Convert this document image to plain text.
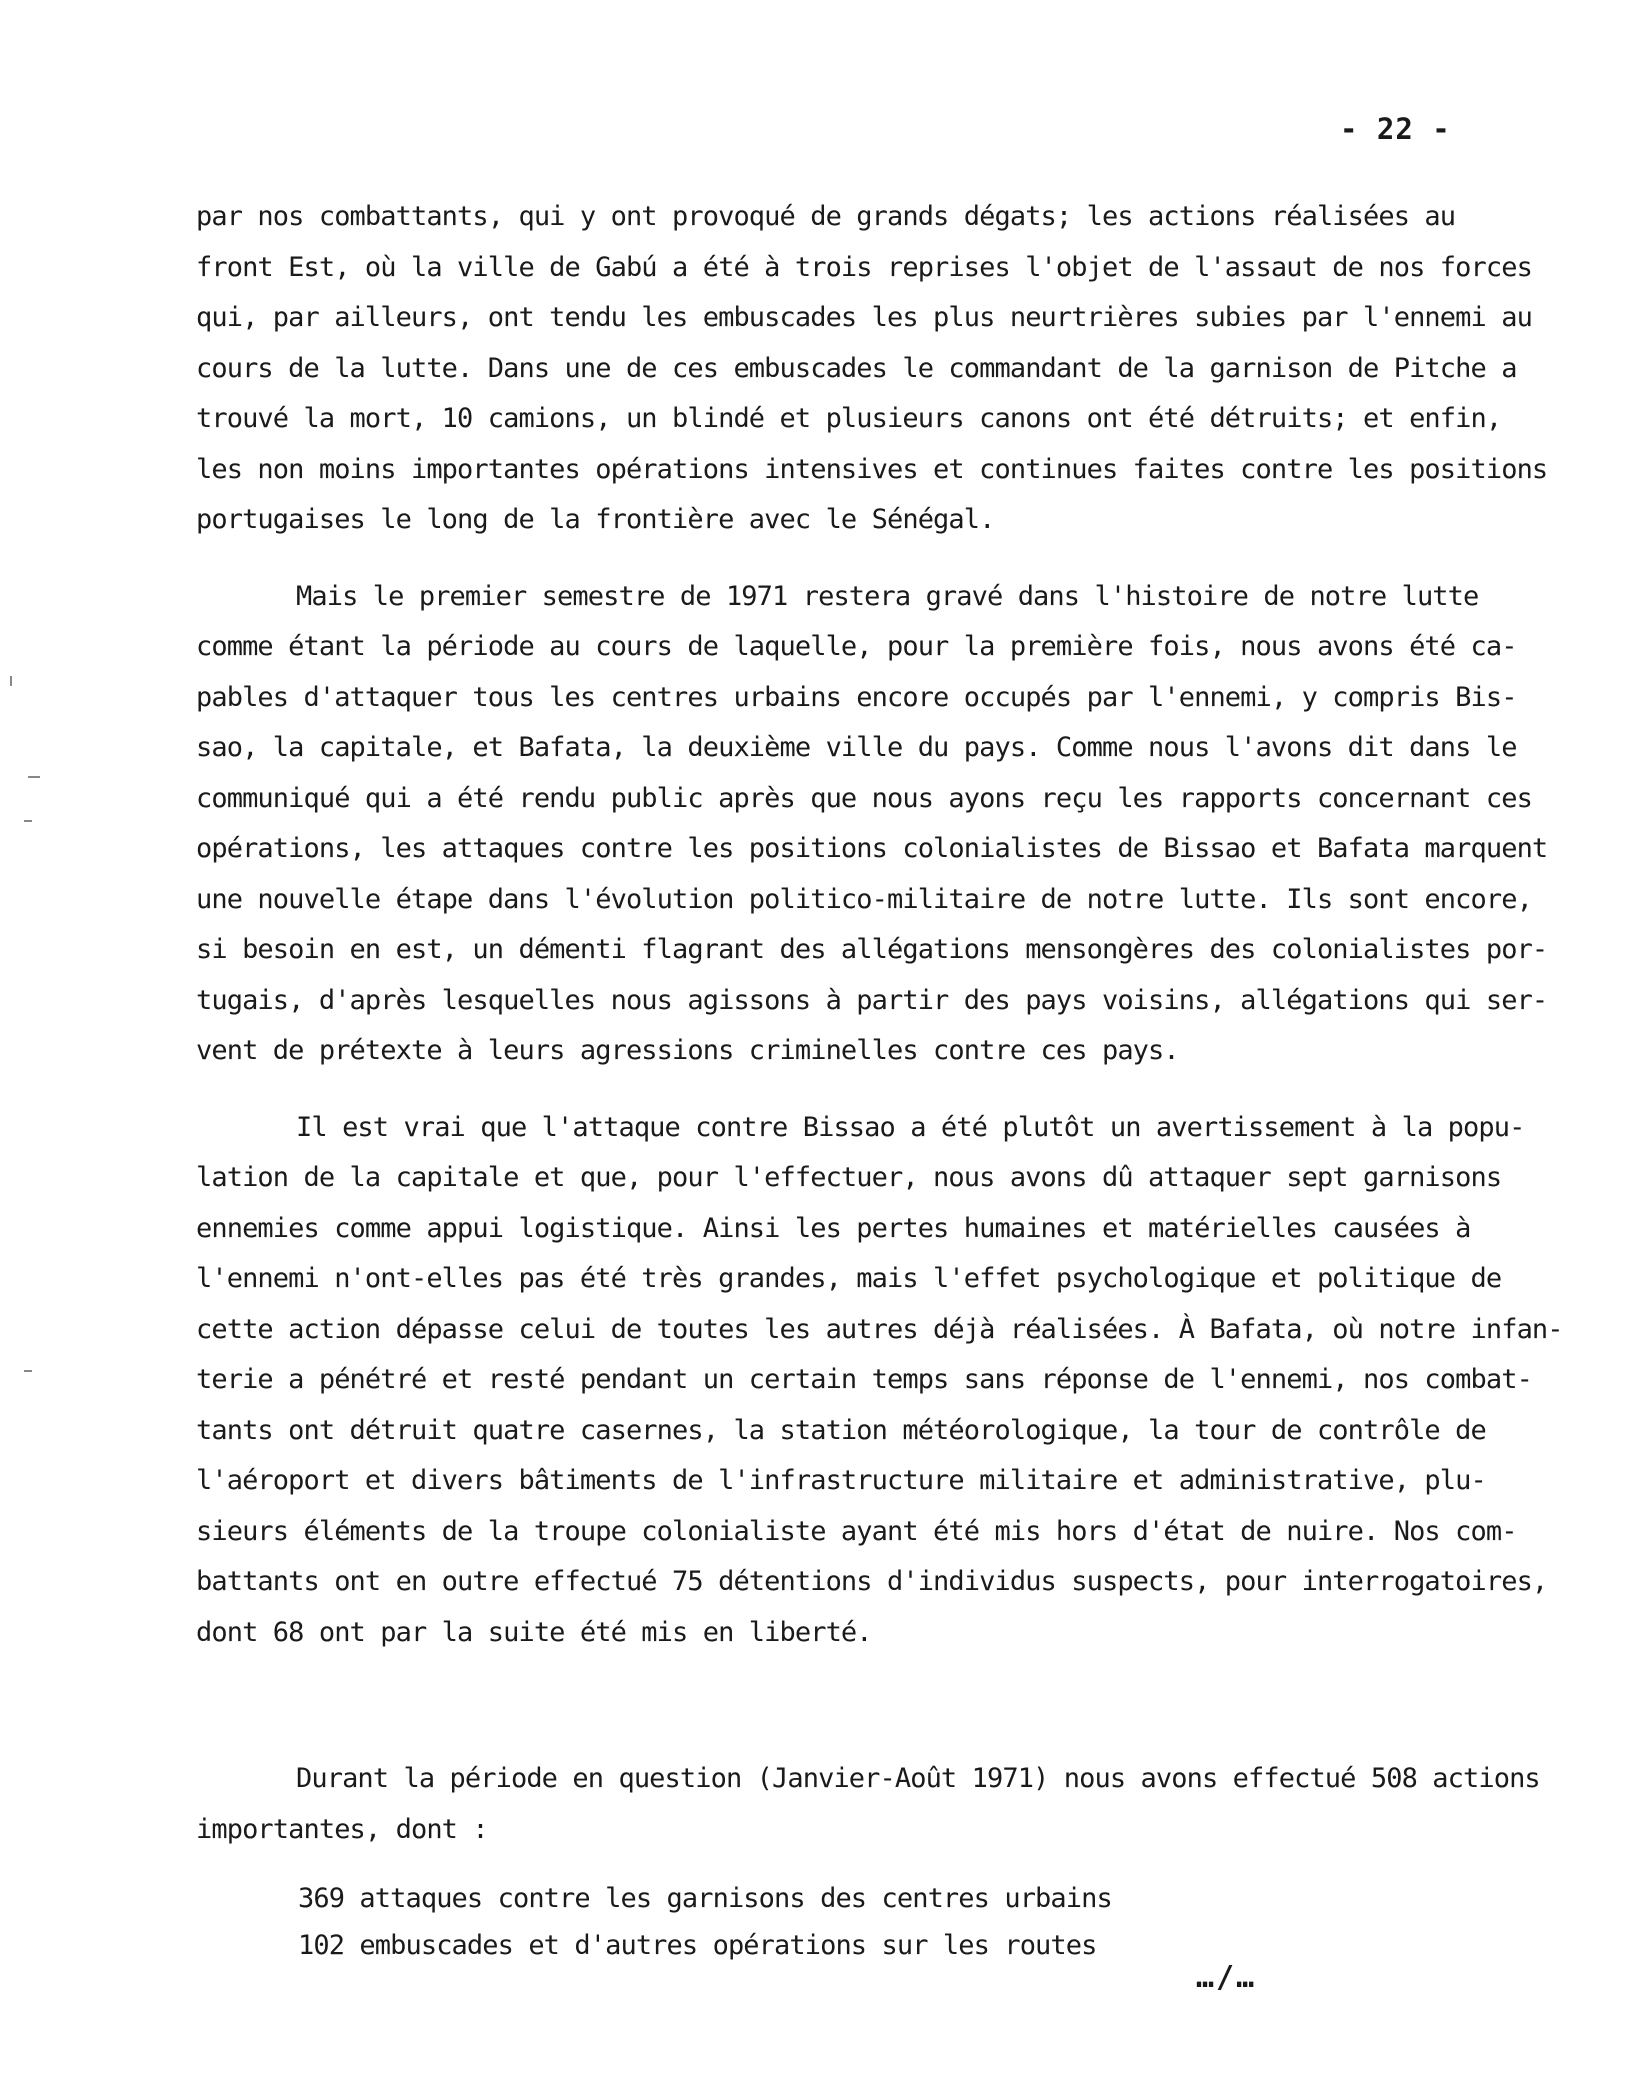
- 22 -

par nos combattants, qui y ont provoqué de grands dégats; les actions réalisées au
front Est, où la ville de Gabú a été à trois reprises l'objet de l'assaut de nos forces
qui, par ailleurs, ont tendu les embuscades les plus neurtrières subies par l'ennemi au
cours de la lutte. Dans une de ces embuscades le commandant de la garnison de Pitche a
trouvé la mort, 10 camions, un blindé et plusieurs canons ont été détruits; et enfin,
les non moins importantes opérations intensives et continues faites contre les positions
portugaises le long de la frontière avec le Sénégal.

Mais le premier semestre de 1971 restera gravé dans l'histoire de notre lutte
comme étant la période au cours de laquelle, pour la première fois, nous avons été ca-
pables d'attaquer tous les centres urbains encore occupés par l'ennemi, y compris Bis-
sao, la capitale, et Bafata, la deuxième ville du pays. Comme nous l'avons dit dans le
communiqué qui a été rendu public après que nous ayons reçu les rapports concernant ces
opérations, les attaques contre les positions colonialistes de Bissao et Bafata marquent
une nouvelle étape dans l'évolution politico-militaire de notre lutte. Ils sont encore,
si besoin en est, un démenti flagrant des allégations mensongères des colonialistes por-
tugais, d'après lesquelles nous agissons à partir des pays voisins, allégations qui ser-
vent de prétexte à leurs agressions criminelles contre ces pays.

Il est vrai que l'attaque contre Bissao a été plutôt un avertissement à la popu-
lation de la capitale et que, pour l'effectuer, nous avons dû attaquer sept garnisons
ennemies comme appui logistique. Ainsi les pertes humaines et matérielles causées à
l'ennemi n'ont-elles pas été très grandes, mais l'effet psychologique et politique de
cette action dépasse celui de toutes les autres déjà réalisées. À Bafata, où notre infan-
terie a pénétré et resté pendant un certain temps sans réponse de l'ennemi, nos combat-
tants ont détruit quatre casernes, la station météorologique, la tour de contrôle de
l'aéroport et divers bâtiments de l'infrastructure militaire et administrative, plu-
sieurs éléments de la troupe colonialiste ayant été mis hors d'état de nuire. Nos com-
battants ont en outre effectué 75 détentions d'individus suspects, pour interrogatoires,
dont 68 ont par la suite été mis en liberté.

Durant la période en question (Janvier-Août 1971) nous avons effectué 508 actions
importantes, dont :

369 attaques contre les garnisons des centres urbains
102 embuscades et d'autres opérations sur les routes
…/…
